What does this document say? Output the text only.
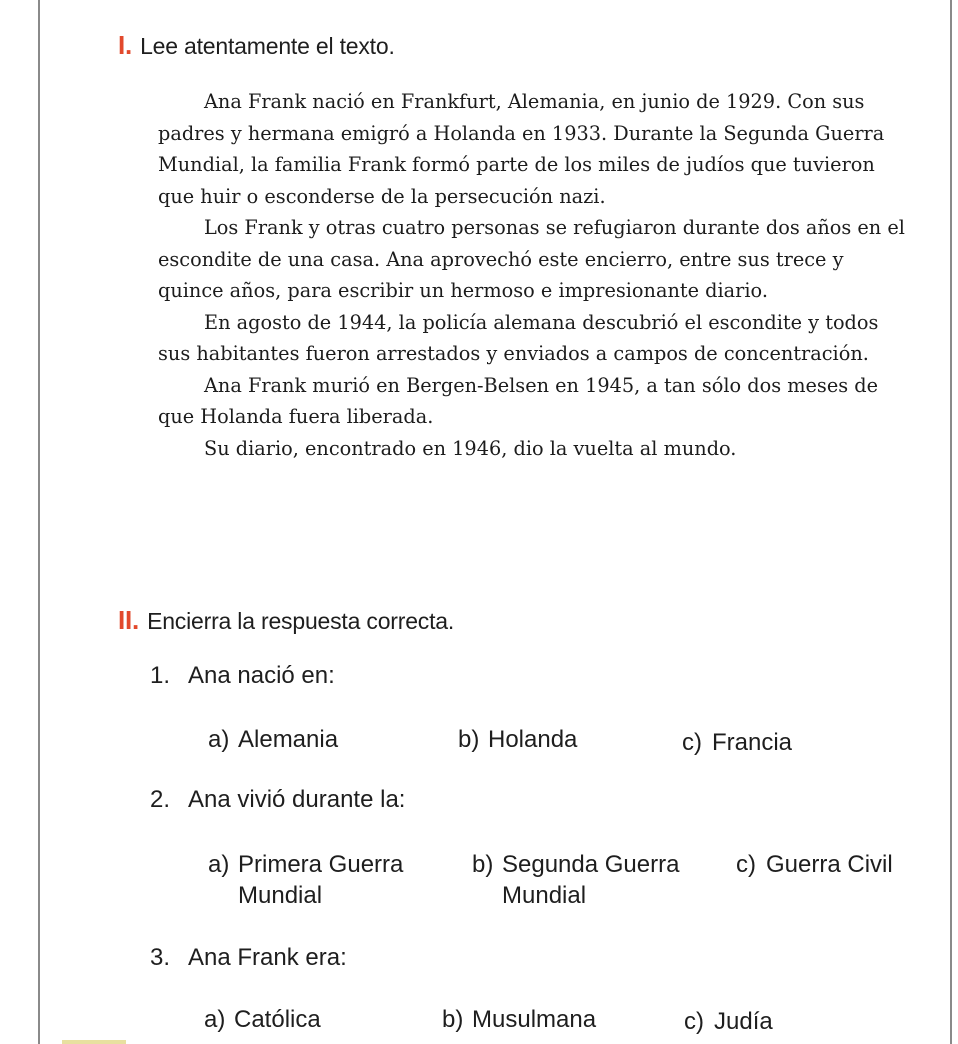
I. Lee atentamente el texto.

Ana Frank nació en Frankfurt, Alemania, en junio de 1929. Con sus padres y hermana emigró a Holanda en 1933. Durante la Segunda Guerra Mundial, la familia Frank formó parte de los miles de judíos que tuvieron que huir o esconderse de la persecución nazi.

Los Frank y otras cuatro personas se refugiaron durante dos años en el escondite de una casa. Ana aprovechó este encierro, entre sus trece y quince años, para escribir un hermoso e impresionante diario.

En agosto de 1944, la policía alemana descubrió el escondite y todos sus habitantes fueron arrestados y enviados a campos de concentración.

Ana Frank murió en Bergen-Belsen en 1945, a tan sólo dos meses de que Holanda fuera liberada.

Su diario, encontrado en 1946, dio la vuelta al mundo.

II. Encierra la respuesta correcta.
1. Ana nació en:
a) Alemania	b) Holanda	c) Francia
2. Ana vivió durante la:
a) Primera Guerra Mundial
b) Segunda Guerra Mundial
c) Guerra Civil
3. Ana Frank era:
a) Católica	b) Musulmana	c) Judía
